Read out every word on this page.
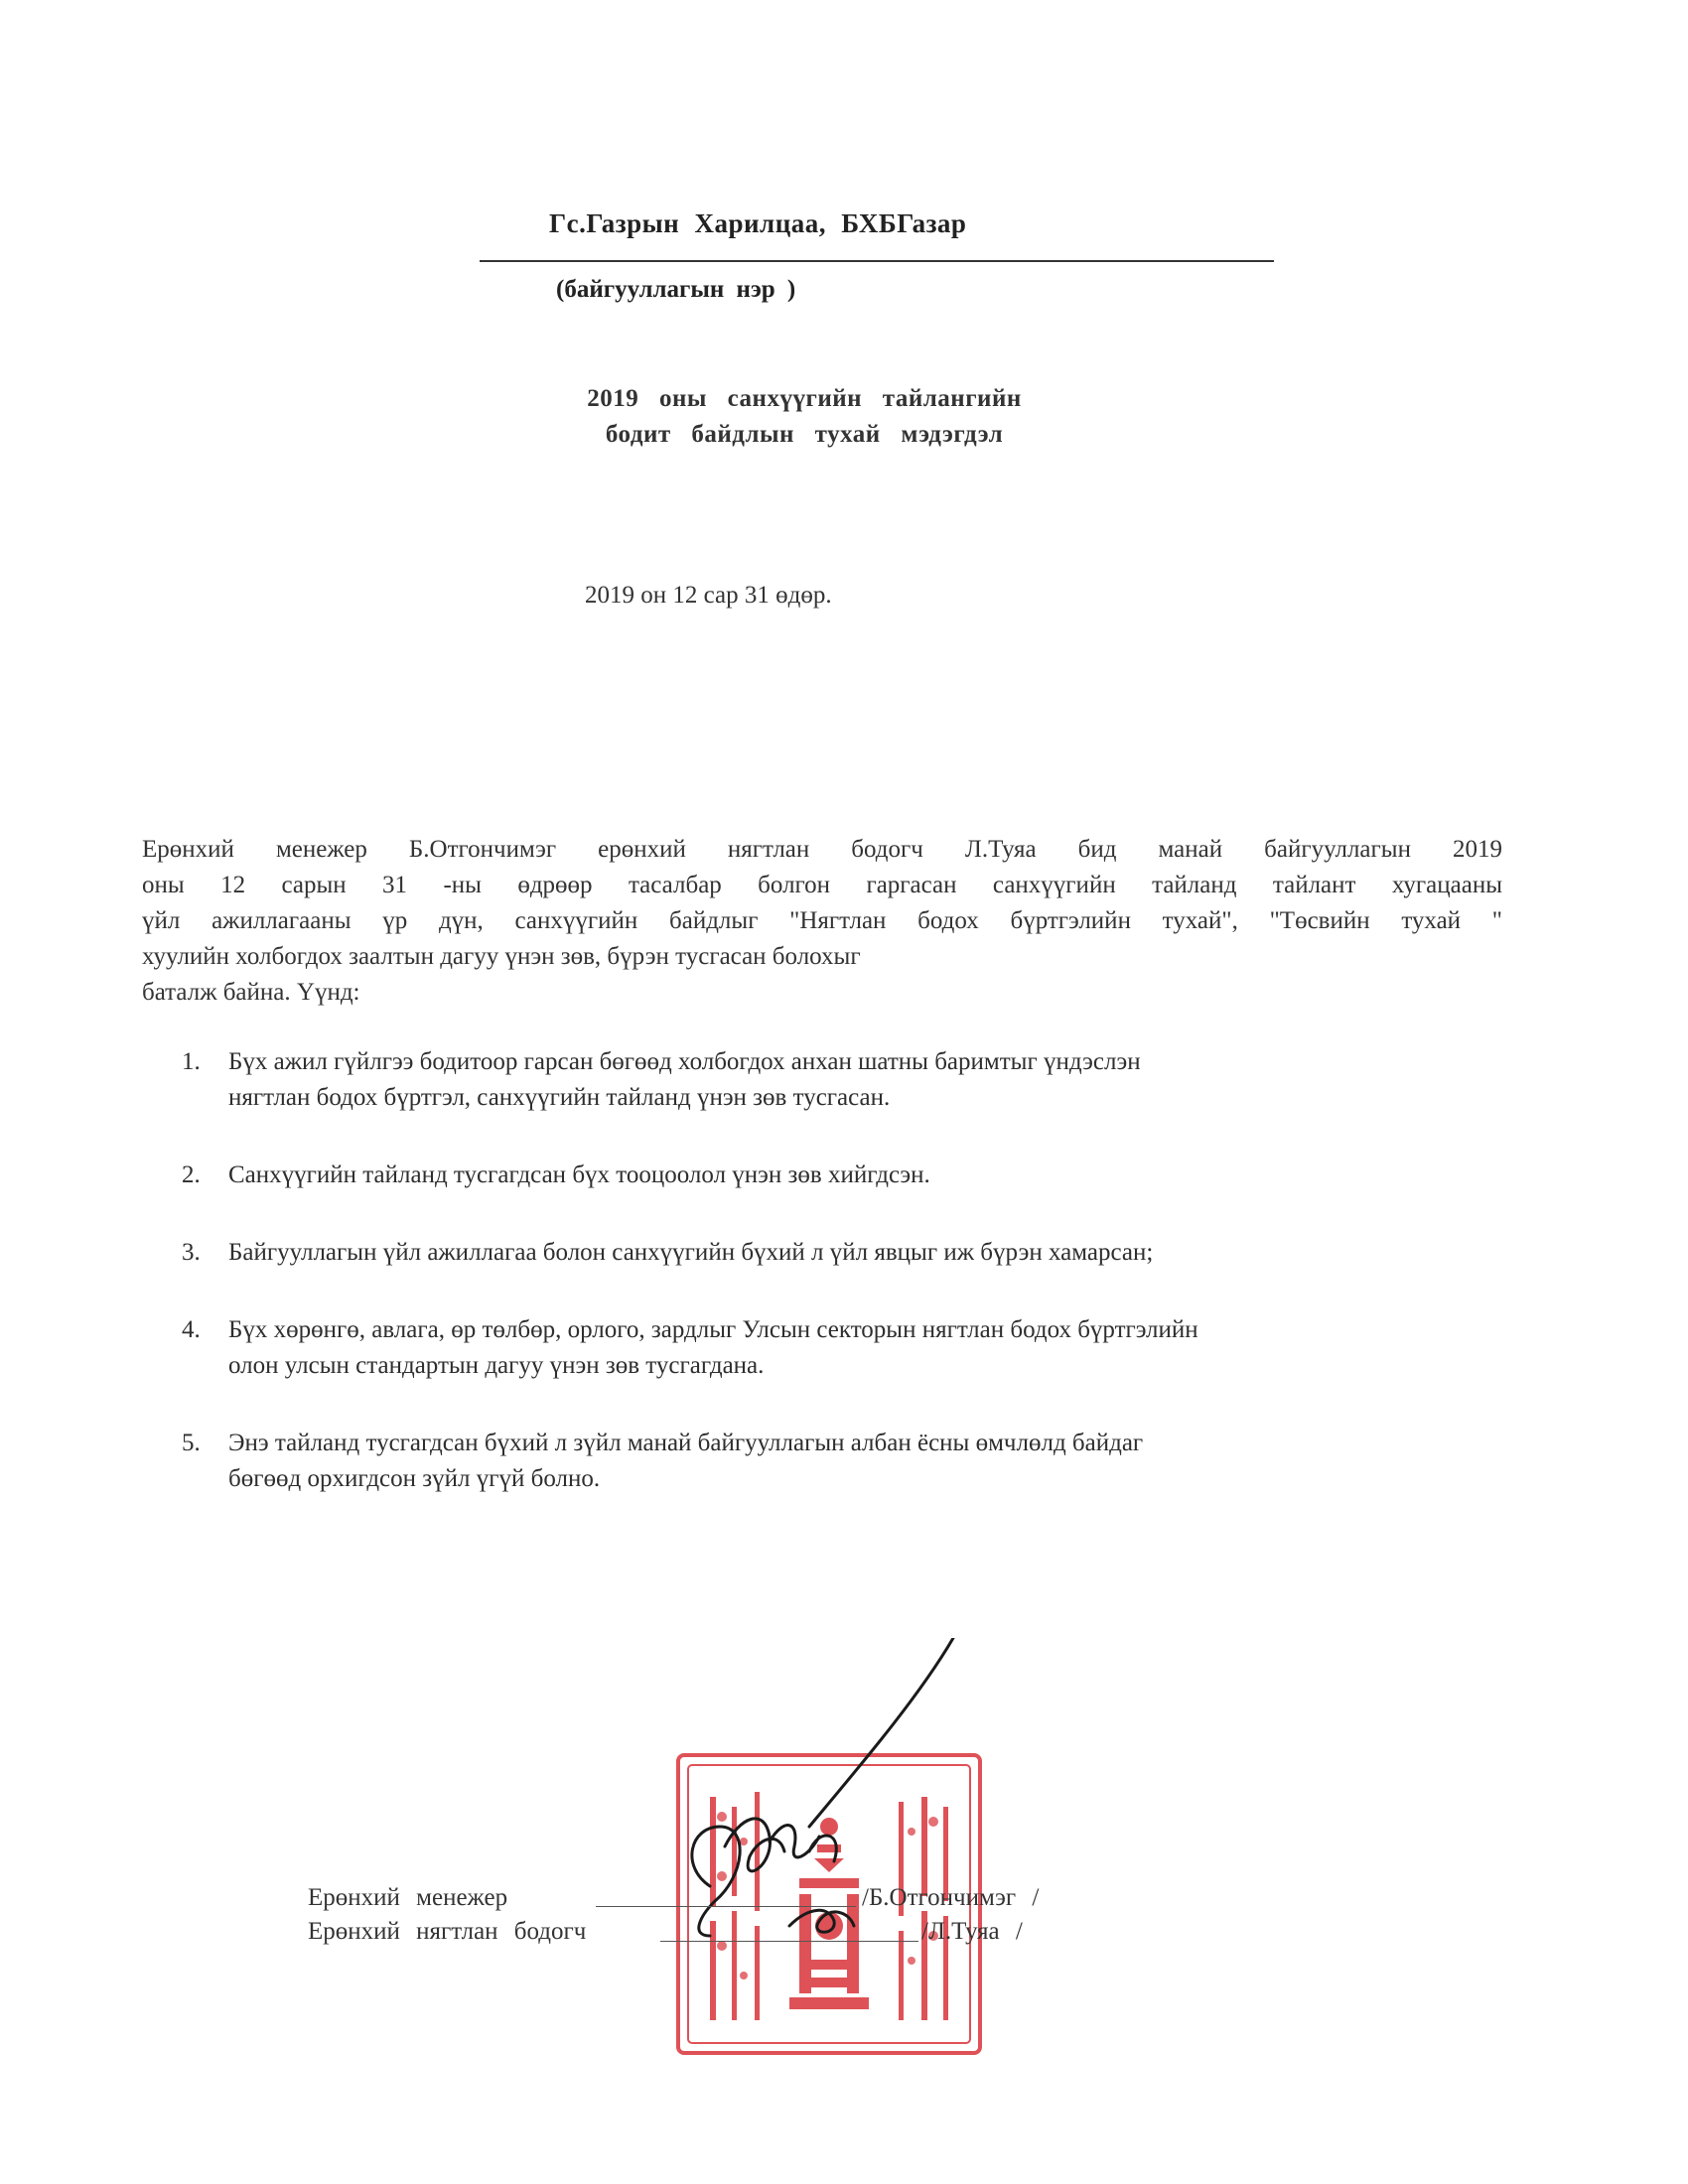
Гс.Газрын Харилцаа, БХБГазар
(байгууллагын нэр )
2019 оны санхүүгийн тайлангийн
бодит байдлын тухай мэдэгдэл
2019 он 12 сар 31 өдөр.
Ерөнхий менежер Б.Отгончимэг ерөнхий нягтлан бодогч Л.Туяа бид манай байгууллагын 2019
оны 12 сарын 31 -ны өдрөөр тасалбар болгон гаргасан санхүүгийн тайланд тайлант хугацааны
үйл ажиллагааны үр дүн, санхүүгийн байдлыг "Нягтлан бодох бүртгэлийн тухай", "Төсвийн тухай "
хуулийн холбогдох заалтын дагуу үнэн зөв, бүрэн тусгасан болохыг
баталж байна. Үүнд:
1. Бүх ажил гүйлгээ бодитоор гарсан бөгөөд холбогдох анхан шатны баримтыг үндэслэн
нягтлан бодох бүртгэл, санхүүгийн тайланд үнэн зөв тусгасан.
2. Санхүүгийн тайланд тусгагдсан бүх тооцоолол үнэн зөв хийгдсэн.
3. Байгууллагын үйл ажиллагаа болон санхүүгийн бүхий л үйл явцыг иж бүрэн хамарсан;
4. Бүх хөрөнгө, авлага, өр төлбөр, орлого, зардлыг Улсын секторын нягтлан бодох бүртгэлийн
олон улсын стандартын дагуу үнэн зөв тусгагдана.
5. Энэ тайланд тусгагдсан бүхий л зүйл манай байгууллагын албан ёсны өмчлөлд байдаг
бөгөөд орхигдсон зүйл үгүй болно.
Ерөнхий менежер	/Б.Отгончимэг /
Ерөнхий нягтлан бодогч	/Л.Туяа /
